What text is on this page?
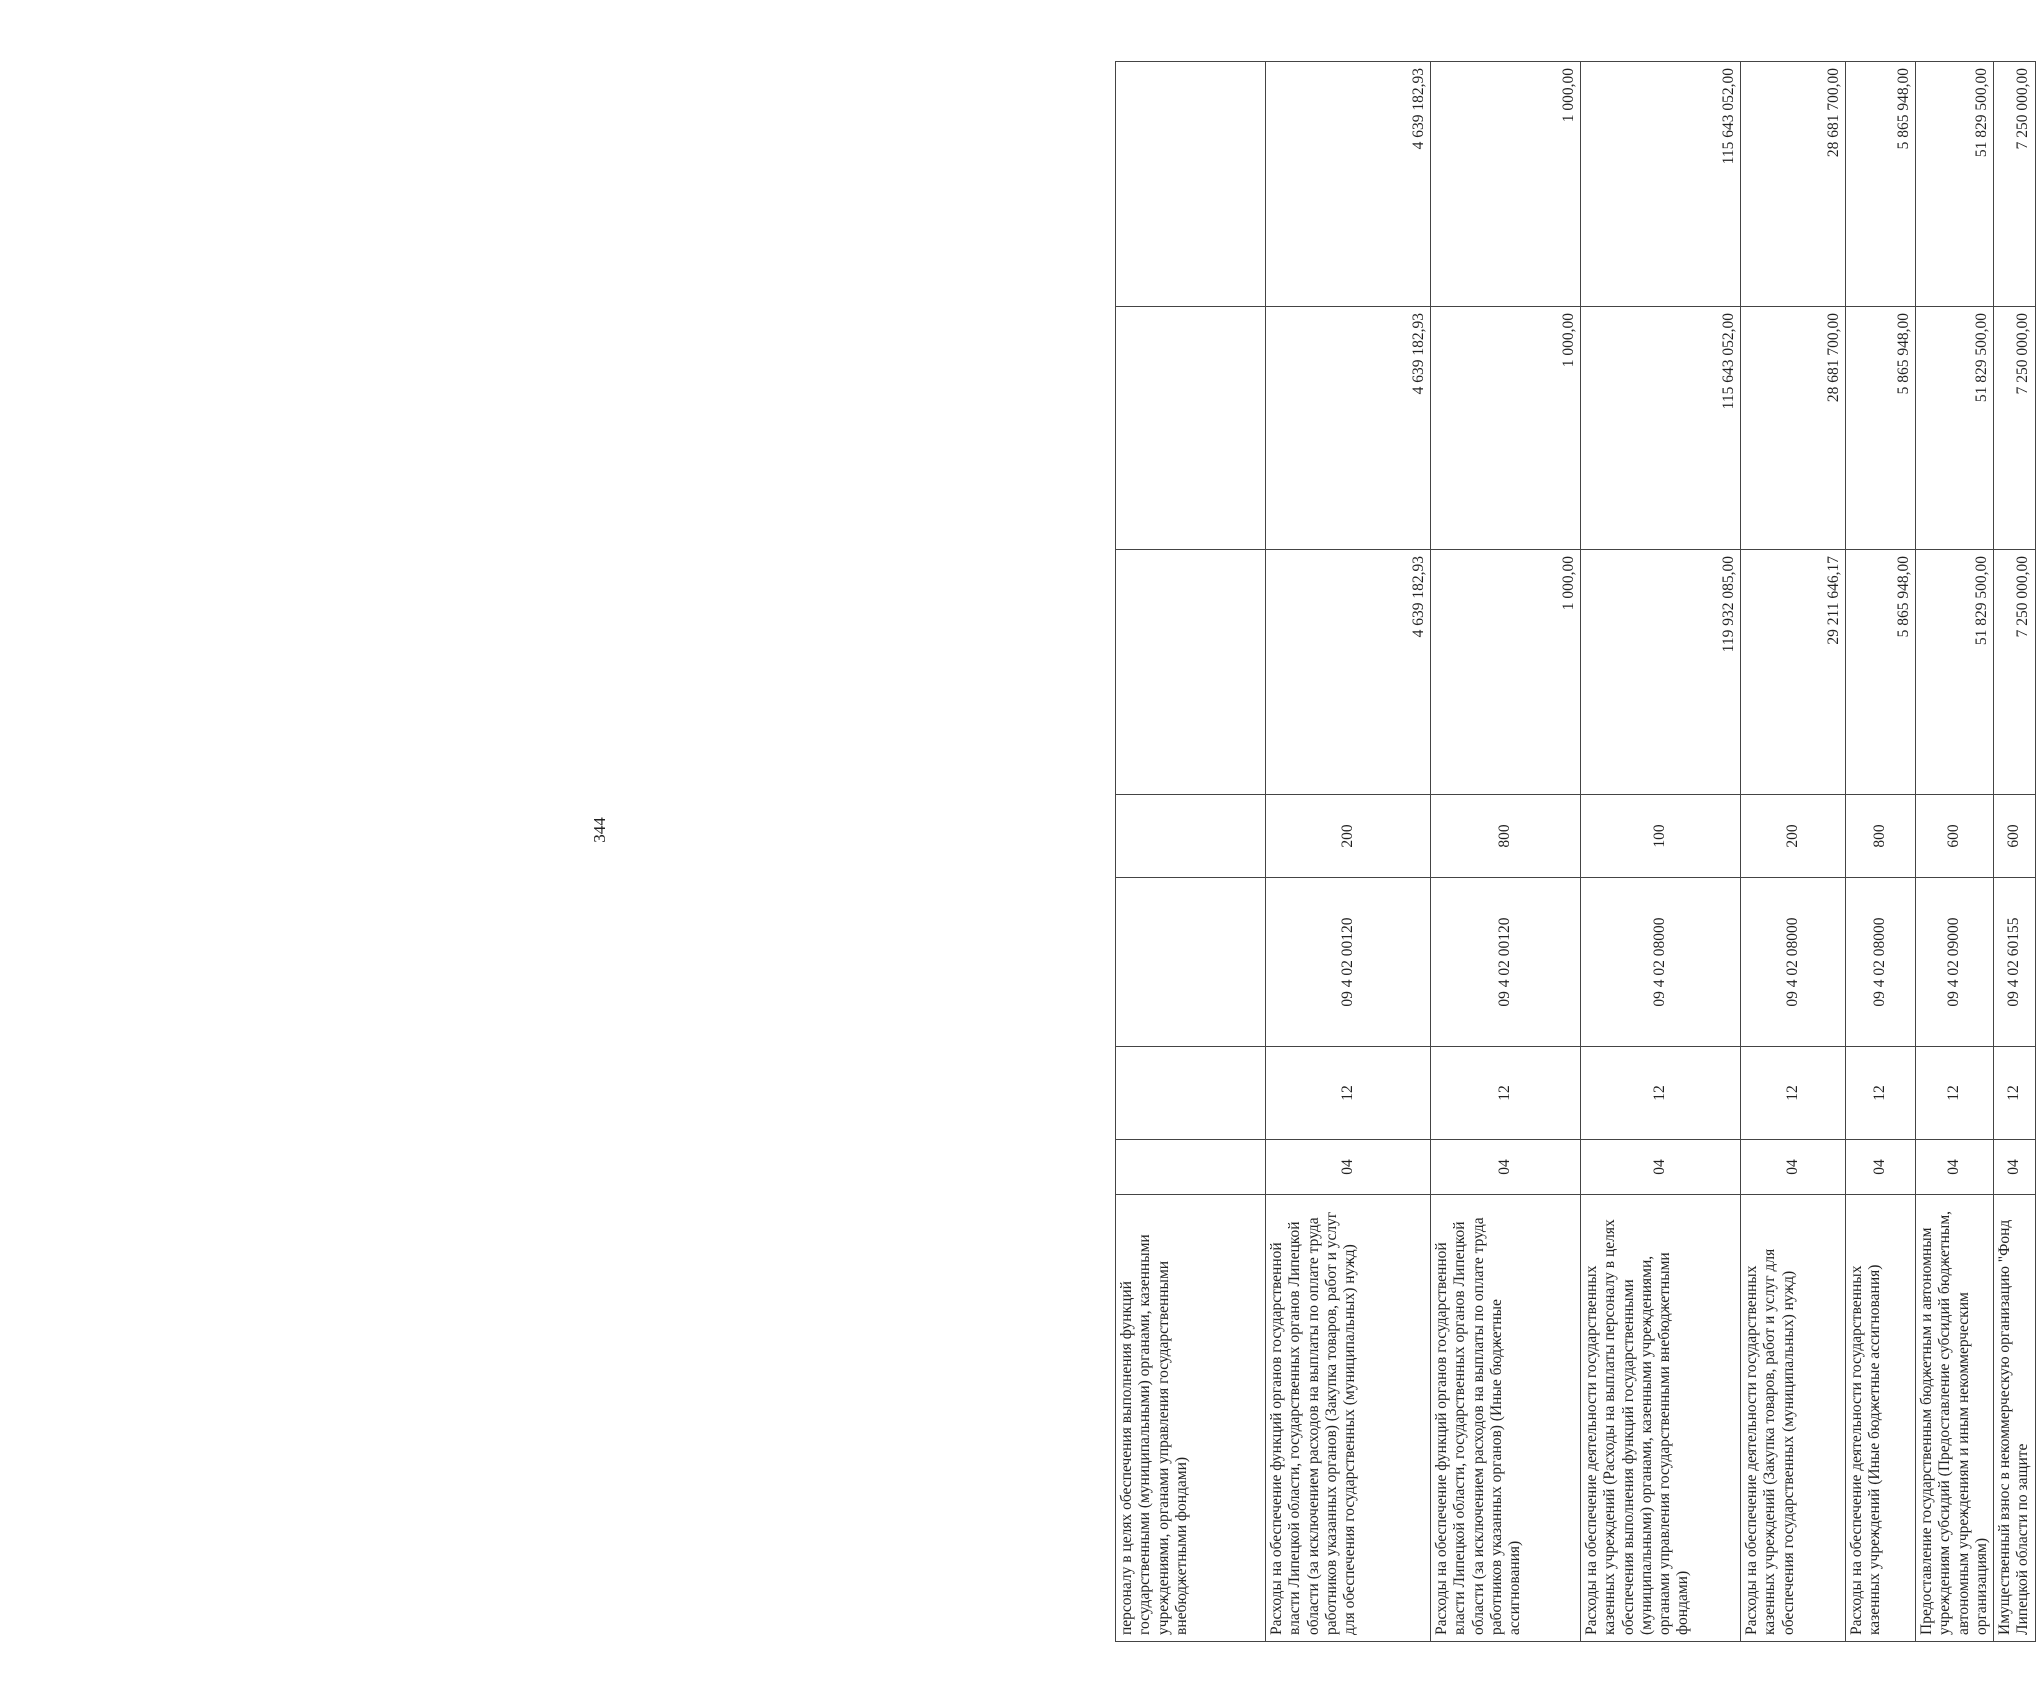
344
персоналу в целях обеспечения выполнения функций государственными (муниципальными) органами, казенными учреждениями, органами управления государственными внебюджетными фондами)							
Расходы на обеспечение функций органов государственной власти Липецкой области, государственных органов Липецкой области (за исключением расходов на выплаты по оплате труда работников указанных органов) (Закупка товаров, работ и услуг для обеспечения государственных (муниципальных) нужд)	04	12	09 4 02 00120	200	4 639 182,93	4 639 182,93	4 639 182,93
Расходы на обеспечение функций органов государственной власти Липецкой области, государственных органов Липецкой области (за исключением расходов на выплаты по оплате труда работников указанных органов) (Иные бюджетные ассигнования)	04	12	09 4 02 00120	800	1 000,00	1 000,00	1 000,00
Расходы на обеспечение деятельности государственных казенных учреждений (Расходы на выплаты персоналу в целях обеспечения выполнения функций государственными (муниципальными) органами, казенными учреждениями, органами управления государственными внебюджетными фондами)	04	12	09 4 02 08000	100	119 932 085,00	115 643 052,00	115 643 052,00
Расходы на обеспечение деятельности государственных казенных учреждений (Закупка товаров, работ и услуг для обеспечения государственных (муниципальных) нужд)	04	12	09 4 02 08000	200	29 211 646,17	28 681 700,00	28 681 700,00
Расходы на обеспечение деятельности государственных казенных учреждений (Иные бюджетные ассигнования)	04	12	09 4 02 08000	800	5 865 948,00	5 865 948,00	5 865 948,00
Предоставление государственным бюджетным и автономным учреждениям субсидий (Предоставление субсидий бюджетным, автономным учреждениям и иным некоммерческим организациям)	04	12	09 4 02 09000	600	51 829 500,00	51 829 500,00	51 829 500,00
Имущественный взнос в некоммерческую организацию "Фонд Липецкой области по защите	04	12	09 4 02 60155	600	7 250 000,00	7 250 000,00	7 250 000,00
